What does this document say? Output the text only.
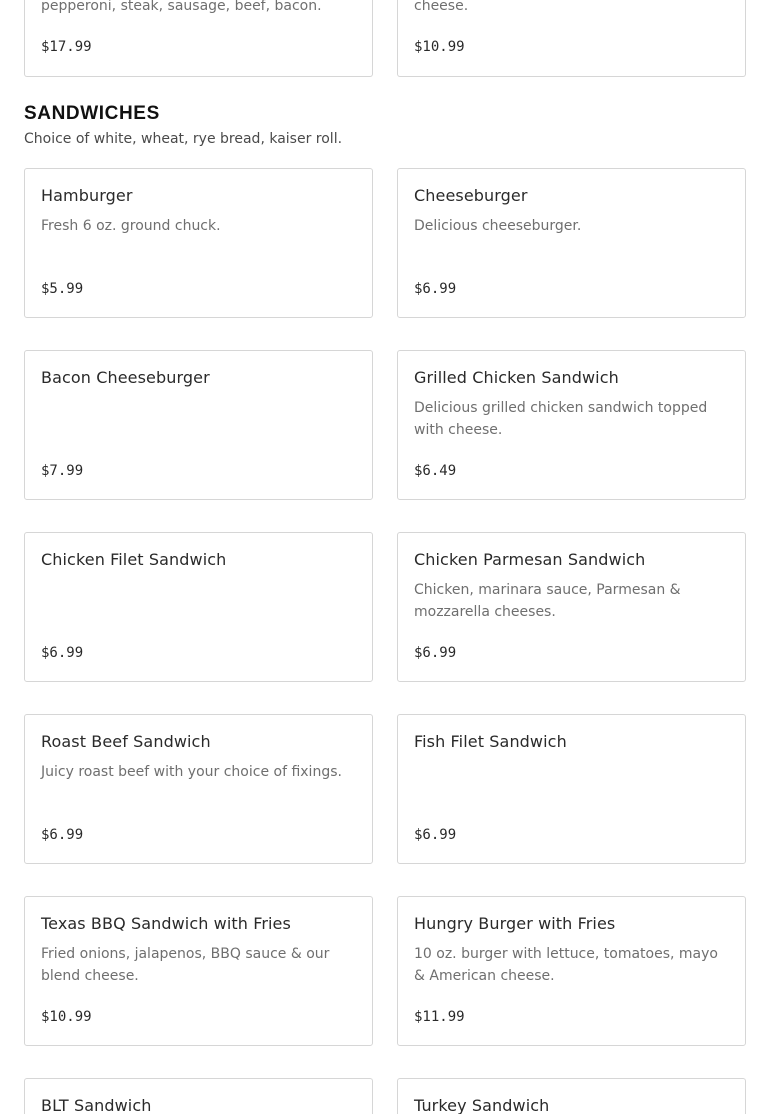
pepperoni, steak, sausage, beef, bacon.
$17.99
cheese.
$10.99
SANDWICHES
Choice of white, wheat, rye bread, kaiser roll.
Hamburger
Fresh 6 oz. ground chuck.
$5.99
Cheeseburger
Delicious cheeseburger.
$6.99
Bacon Cheeseburger
$7.99
Grilled Chicken Sandwich
Delicious grilled chicken sandwich topped with cheese.
$6.49
Chicken Filet Sandwich
$6.99
Chicken Parmesan Sandwich
Chicken, marinara sauce, Parmesan & mozzarella cheeses.
$6.99
Roast Beef Sandwich
Juicy roast beef with your choice of fixings.
$6.99
Fish Filet Sandwich
$6.99
Texas BBQ Sandwich with Fries
Fried onions, jalapenos, BBQ sauce & our blend cheese.
$10.99
Hungry Burger with Fries
10 oz. burger with lettuce, tomatoes, mayo & American cheese.
$11.99
BLT Sandwich	Turkey Sandwich
